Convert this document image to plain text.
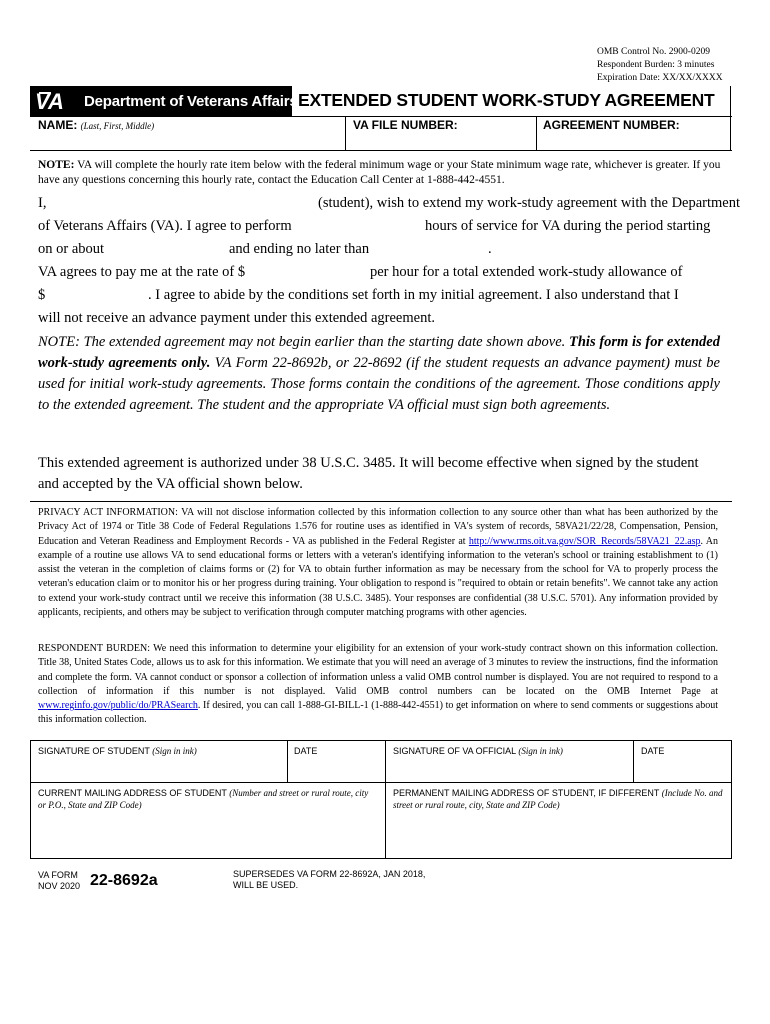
OMB Control No. 2900-0209
Respondent Burden: 3 minutes
Expiration Date: XX/XX/XXXX
VA Department of Veterans Affairs EXTENDED STUDENT WORK-STUDY AGREEMENT
NAME: (Last, First, Middle)	VA FILE NUMBER:	AGREEMENT NUMBER:
NOTE: VA will complete the hourly rate item below with the federal minimum wage or your State minimum wage rate, whichever is greater. If you have any questions concerning this hourly rate, contact the Education Call Center at 1-888-442-4551.
I,	(student), wish to extend my work-study agreement with the Department
of Veterans Affairs (VA). I agree to perform	hours of service for VA during the period starting
on or about	and ending no later than	.
VA agrees to pay me at the rate of $	per hour for a total extended work-study allowance of
$	. I agree to abide by the conditions set forth in my initial agreement. I also understand that I
will not receive an advance payment under this extended agreement.
NOTE: The extended agreement may not begin earlier than the starting date shown above. This form is for extended work-study agreements only. VA Form 22-8692b, or 22-8692 (if the student requests an advance payment) must be used for initial work-study agreements. Those forms contain the conditions of the agreement. Those conditions apply to the extended agreement. The student and the appropriate VA official must sign both agreements.
This extended agreement is authorized under 38 U.S.C. 3485. It will become effective when signed by the student and accepted by the VA official shown below.
PRIVACY ACT INFORMATION: VA will not disclose information collected by this information collection to any source other than what has been authorized by the Privacy Act of 1974 or Title 38 Code of Federal Regulations 1.576 for routine uses as identified in VA's system of records, 58VA21/22/28, Compensation, Pension, Education and Veteran Readiness and Employment Records - VA as published in the Federal Register at http://www.rms.oit.va.gov/SOR_Records/58VA21_22.asp. An example of a routine use allows VA to send educational forms or letters with a veteran's identifying information to the veteran's school or training establishment to (1) assist the veteran in the completion of claims forms or (2) for VA to obtain further information as may be necessary from the school for VA to properly process the veteran's education claim or to monitor his or her progress during training. Your obligation to respond is "required to obtain or retain benefits". We cannot take any action to extend your work-study contract until we receive this information (38 U.S.C. 3485). Your responses are confidential (38 U.S.C. 5701). Any information provided by applicants, recipients, and others may be subject to verification through computer matching programs with other agencies.
RESPONDENT BURDEN: We need this information to determine your eligibility for an extension of your work-study contract shown on this information collection. Title 38, United States Code, allows us to ask for this information. We estimate that you will need an average of 3 minutes to review the instructions, find the information and complete the form. VA cannot conduct or sponsor a collection of information unless a valid OMB control number is displayed. You are not required to respond to a collection of information if this number is not displayed. Valid OMB control numbers can be located on the OMB Internet Page at www.reginfo.gov/public/do/PRASearch. If desired, you can call 1-888-GI-BILL-1 (1-888-442-4551) to get information on where to send comments or suggestions about this information collection.
SIGNATURE OF STUDENT (Sign in ink)	DATE	SIGNATURE OF VA OFFICIAL (Sign in ink)	DATE
CURRENT MAILING ADDRESS OF STUDENT (Number and street or rural route, city or P.O., State and ZIP Code)
PERMANENT MAILING ADDRESS OF STUDENT, IF DIFFERENT (Include No. and street or rural route, city, State and ZIP Code)
VA FORM
NOV 2020 22-8692a	SUPERSEDES VA FORM 22-8692A, JAN 2018,
WILL BE USED.
